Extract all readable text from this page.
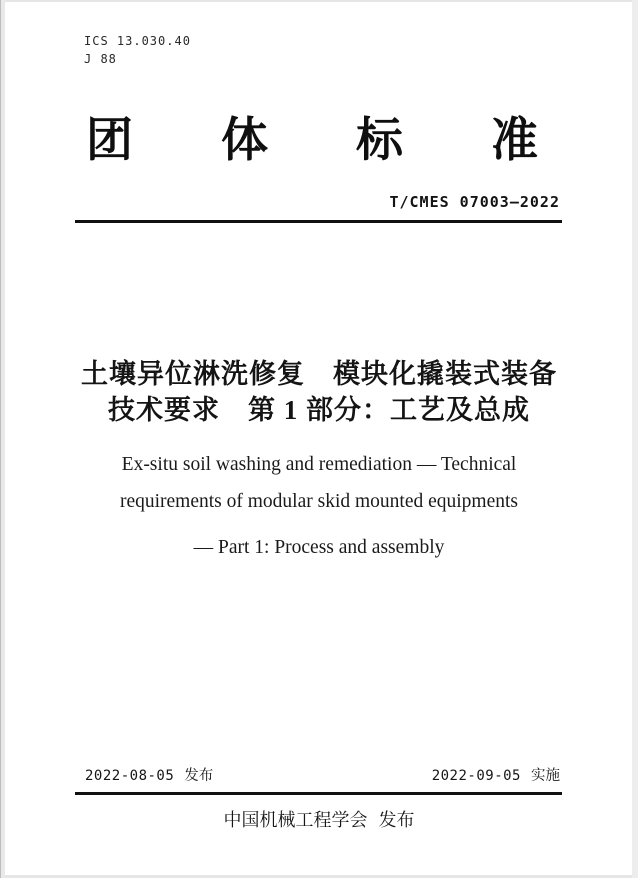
ICS 13.030.40
J 88
团 体 标 准
T/CMES 07003—2022
土壤异位淋洗修复　模块化撬装式装备
技术要求　第 1 部分：工艺及总成
Ex-situ soil washing and remediation — Technical
requirements of modular skid mounted equipments
— Part 1: Process and assembly
2022-08-05 发布	2022-09-05 实施
中国机械工程学会 发布
